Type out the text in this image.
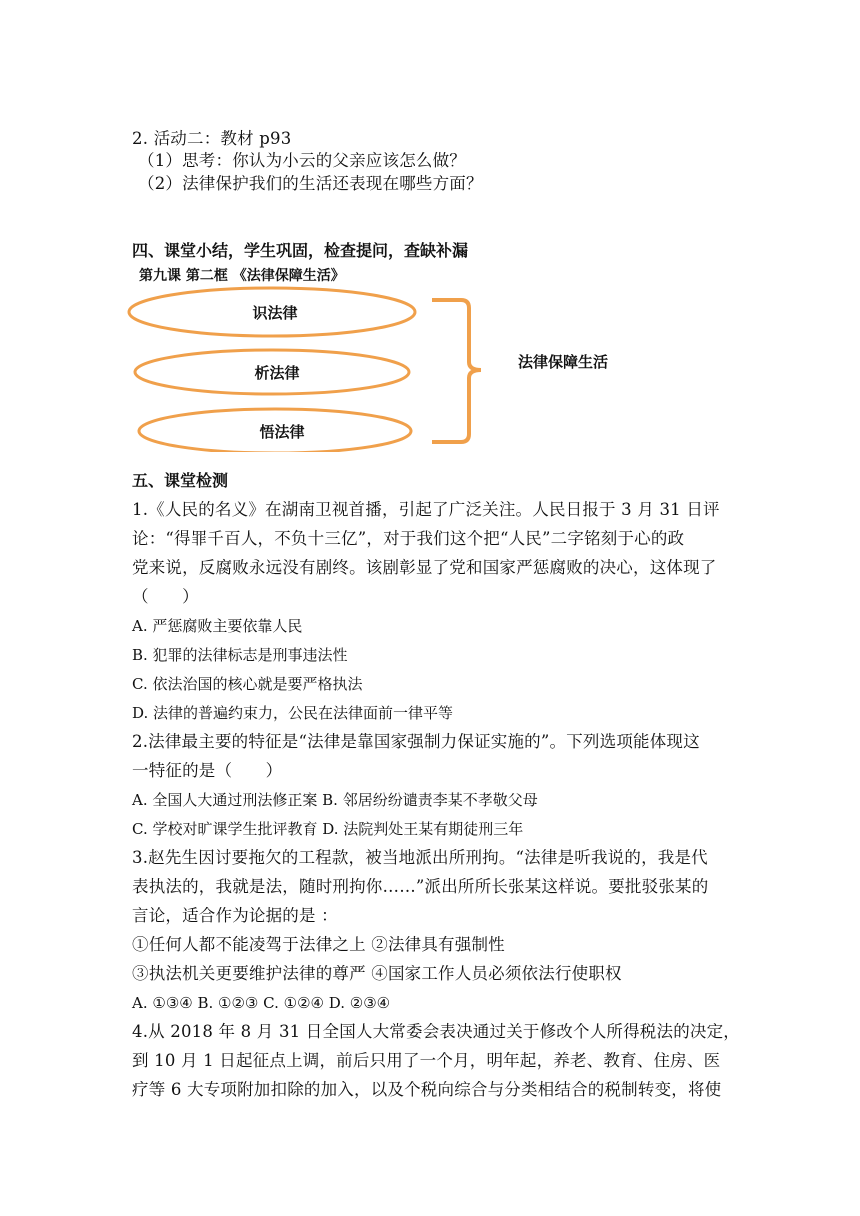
2. 活动二：教材 p93
（1）思考：你认为小云的父亲应该怎么做？
（2）法律保护我们的生活还表现在哪些方面？
四、课堂小结，学生巩固，检查提问，查缺补漏
第九课 第二框 《法律保障生活》
识法律
析法律
悟法律
法律保障生活
五、课堂检测
1.《人民的名义》在湖南卫视首播，引起了广泛关注。人民日报于 3 月 31 日评
论：“得罪千百人，不负十三亿”，对于我们这个把“人民”二字铭刻于心的政
党来说，反腐败永远没有剧终。该剧彰显了党和国家严惩腐败的决心，这体现了
（　　）
A. 严惩腐败主要依靠人民
B. 犯罪的法律标志是刑事违法性
C. 依法治国的核心就是要严格执法
D. 法律的普遍约束力，公民在法律面前一律平等
2.法律最主要的特征是“法律是靠国家强制力保证实施的”。下列选项能体现这
一特征的是（　　）
A. 全国人大通过刑法修正案 B. 邻居纷纷谴责李某不孝敬父母
C. 学校对旷课学生批评教育 D. 法院判处王某有期徒刑三年
3.赵先生因讨要拖欠的工程款，被当地派出所刑拘。“法律是听我说的，我是代
表执法的，我就是法，随时刑拘你……”派出所所长张某这样说。要批驳张某的
言论，适合作为论据的是 ：
①任何人都不能凌驾于法律之上 ②法律具有强制性
③执法机关更要维护法律的尊严 ④国家工作人员必须依法行使职权
A. ①③④ B. ①②③ C. ①②④ D. ②③④
4.从 2018 年 8 月 31 日全国人大常委会表决通过关于修改个人所得税法的决定，
到 10 月 1 日起征点上调，前后只用了一个月，明年起，养老、教育、住房、医
疗等 6 大专项附加扣除的加入，以及个税向综合与分类相结合的税制转变，将使
